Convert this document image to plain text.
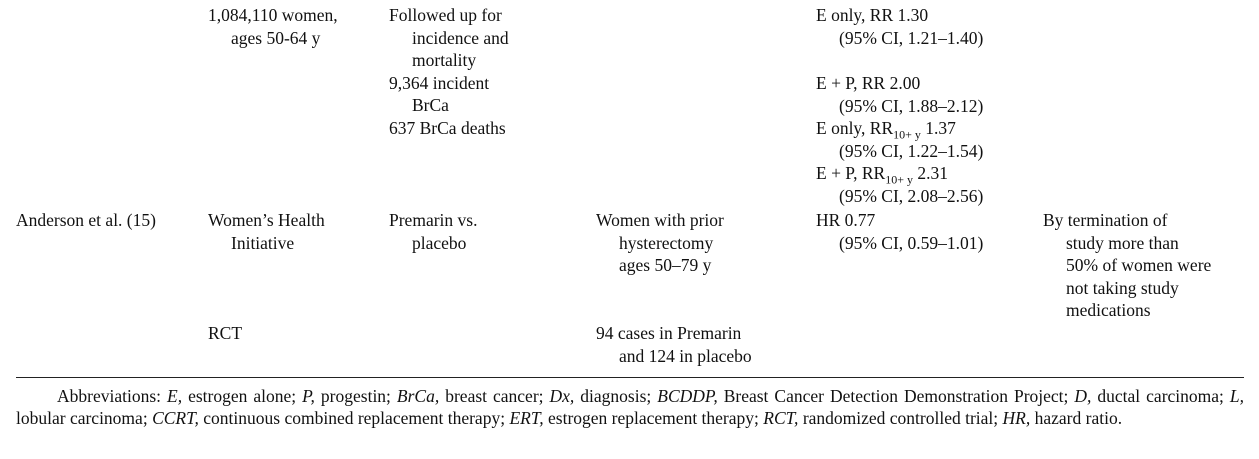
1,084,110 women,
ages 50-64 y
Followed up for
incidence and
mortality
9,364 incident
BrCa
637 BrCa deaths
E only, RR 1.30
(95% CI, 1.21–1.40)
E + P, RR 2.00
(95% CI, 1.88–2.12)
E only, $RR_{10+ y}$ 1.37
(95% CI, 1.22–1.54)
E + P, $RR_{10+ y}$ 2.31
(95% CI, 2.08–2.56)
Anderson et al. (15)	Women’s Health
Initiative
RCT
Premarin vs.
placebo
Women with prior
hysterectomy
ages 50–79 y
94 cases in Premarin
and 124 in placebo
HR 0.77
(95% CI, 0.59–1.01)
By termination of
study more than
50% of women were
not taking study
medications
Abbreviations: E, estrogen alone; P, progestin; BrCa, breast cancer; Dx, diagnosis; BCDDP, Breast Cancer Detection Demonstration Project; D, ductal carcinoma; L, lobular carcinoma; CCRT, continuous combined replacement therapy; ERT, estrogen replacement therapy; RCT, randomized controlled trial; HR, hazard ratio.
